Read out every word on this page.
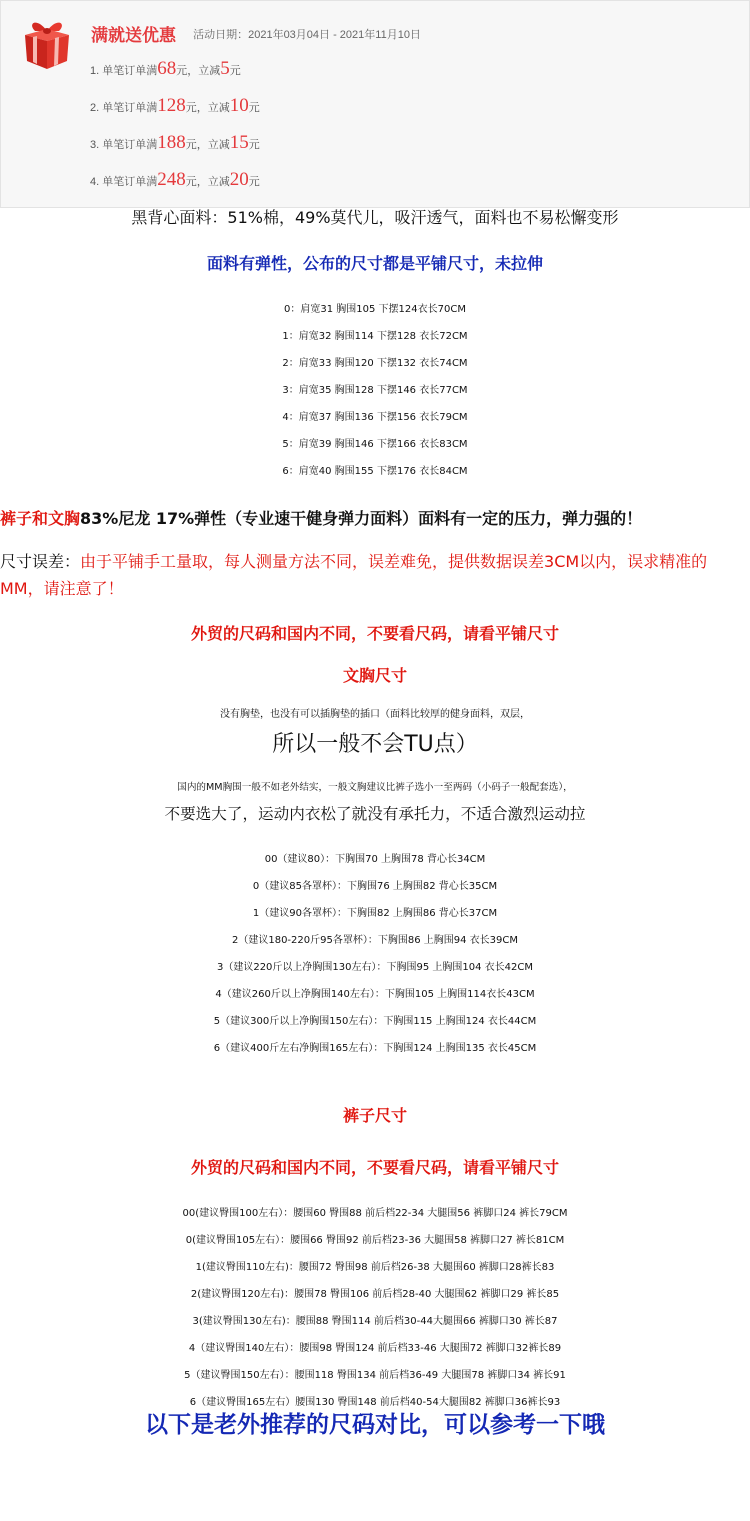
满就送优惠 活动日期：2021年03月04日 - 2021年11月10日
1. 单笔订单满68元，立减5元
2. 单笔订单满128元，立减10元
3. 单笔订单满188元，立减15元
4. 单笔订单满248元，立减20元

黑背心面料：51%棉，49%莫代儿，吸汗透气，面料也不易松懈变形

面料有弹性，公布的尺寸都是平铺尺寸，未拉伸

0：肩宽31 胸围105 下摆124衣长70CM

1：肩宽32 胸围114 下摆128 衣长72CM

2：肩宽33 胸围120 下摆132 衣长74CM

3：肩宽35 胸围128 下摆146 衣长77CM

4：肩宽37 胸围136 下摆156 衣长79CM

5：肩宽39 胸围146 下摆166 衣长83CM

6：肩宽40 胸围155 下摆176 衣长84CM

裤子和文胸83%尼龙 17%弹性（专业速干健身弹力面料）面料有一定的压力，弹力强的！

尺寸误差：由于平铺手工量取，每人测量方法不同，误差难免，提供数据误差3CM以内，误求精准的MM，请注意了！

外贸的尺码和国内不同，不要看尺码，请看平铺尺寸

文胸尺寸

没有胸垫，也没有可以插胸垫的插口（面料比较厚的健身面料，双层，

所以一般不会TU点）

国内的MM胸围一般不如老外结实，一般文胸建议比裤子选小一至两码（小码子一般配套选），

不要选大了，运动内衣松了就没有承托力，不适合激烈运动拉

00（建议80）：下胸围70 上胸围78 背心长34CM

0（建议85各罩杯）：下胸围76 上胸围82 背心长35CM

1（建议90各罩杯）：下胸围82 上胸围86 背心长37CM

2（建议180-220斤95各罩杯）：下胸围86 上胸围94 衣长39CM

3（建议220斤以上净胸围130左右）：下胸围95 上胸围104 衣长42CM

4（建议260斤以上净胸围140左右）：下胸围105 上胸围114衣长43CM

5（建议300斤以上净胸围150左右）：下胸围115 上胸围124 衣长44CM

6（建议400斤左右净胸围165左右）：下胸围124 上胸围135 衣长45CM

裤子尺寸

外贸的尺码和国内不同，不要看尺码，请看平铺尺寸

00(建议臀围100左右）：腰围60 臀围88 前后档22-34 大腿围56 裤脚口24 裤长79CM

0(建议臀围105左右）：腰围66 臀围92 前后档23-36 大腿围58 裤脚口27 裤长81CM

1(建议臀围110左右)：腰围72 臀围98 前后档26-38 大腿围60 裤脚口28裤长83

2(建议臀围120左右)：腰围78 臀围106 前后档28-40 大腿围62 裤脚口29 裤长85

3(建议臀围130左右)：腰围88 臀围114 前后档30-44大腿围66 裤脚口30 裤长87

4（建议臀围140左右）：腰围98 臀围124 前后档33-46 大腿围72 裤脚口32裤长89

5（建议臀围150左右）：腰围118 臀围134 前后档36-49 大腿围78 裤脚口34 裤长91

6（建议臀围165左右）腰围130 臀围148 前后档40-54大腿围82 裤脚口36裤长93

以下是老外推荐的尺码对比，可以参考一下哦
